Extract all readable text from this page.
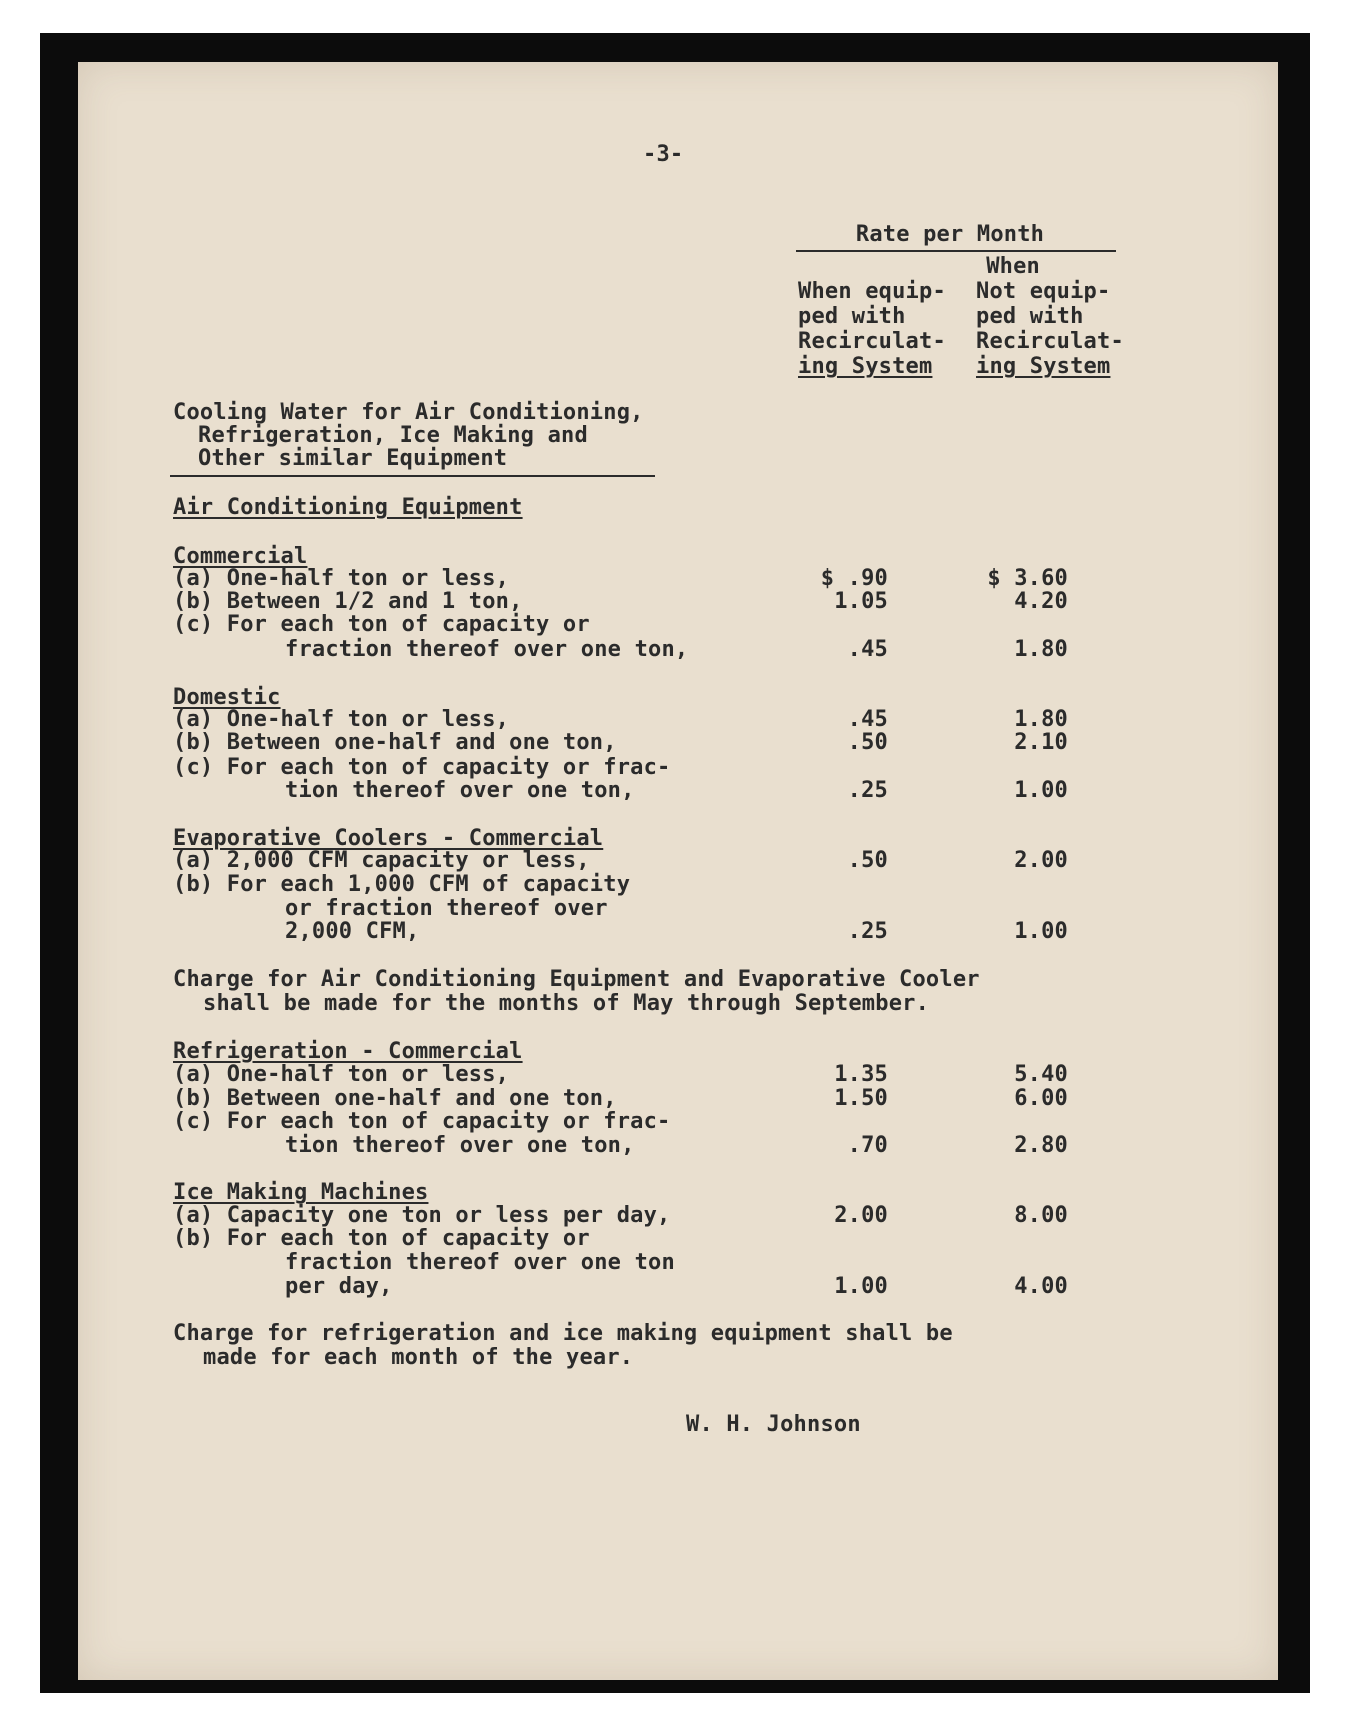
-3-
Rate per Month
When equip-
ped with
Recirculat-
ing System
When
Not equip-
ped with
Recirculat-
ing System
Cooling Water for Air Conditioning,
Refrigeration, Ice Making and
Other similar Equipment
Air Conditioning Equipment
Commercial
(a) One-half ton or less,	$ .90	$ 3.60
(b) Between 1/2 and 1 ton,	1.05	4.20
(c) For each ton of capacity or
fraction thereof over one ton,	.45	1.80
Domestic
(a) One-half ton or less,	.45	1.80
(b) Between one-half and one ton,	.50	2.10
(c) For each ton of capacity or frac-
tion thereof over one ton,	.25	1.00
Evaporative Coolers - Commercial
(a) 2,000 CFM capacity or less,	.50	2.00
(b) For each 1,000 CFM of capacity
or fraction thereof over
2,000 CFM,	.25	1.00
Charge for Air Conditioning Equipment and Evaporative Cooler
shall be made for the months of May through September.
Refrigeration - Commercial
(a) One-half ton or less,	1.35	5.40
(b) Between one-half and one ton,	1.50	6.00
(c) For each ton of capacity or frac-
tion thereof over one ton,	.70	2.80
Ice Making Machines
(a) Capacity one ton or less per day,	2.00	8.00
(b) For each ton of capacity or
fraction thereof over one ton
per day,	1.00	4.00
Charge for refrigeration and ice making equipment shall be
made for each month of the year.
W. H. Johnson
